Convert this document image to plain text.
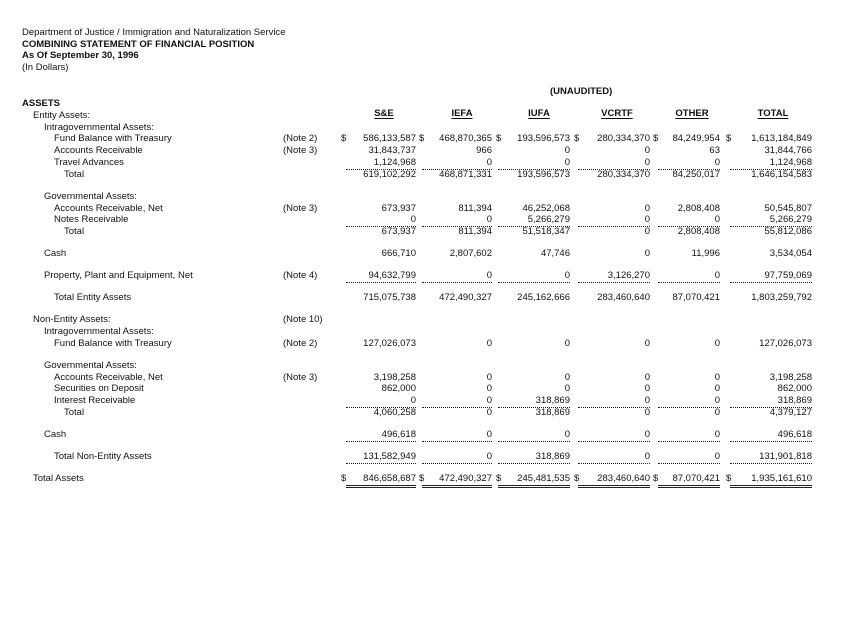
Department of Justice / Immigration and Naturalization Service
COMBINING STATEMENT OF FINANCIAL POSITION
As Of September 30, 1996
(In Dollars)
(UNAUDITED)
S&E	IEFA	IUFA	VCRTF	OTHER	TOTAL
ASSETS
Entity Assets:
Intragovernmental Assets:
Fund Balance with Treasury	(Note 2) $	586,133,587 $	468,870,365 $	193,596,573 $	280,334,370 $	84,249,954 $	1,613,184,849
Accounts Receivable	(Note 3)	31,843,737	966	0	0	63	31,844,766
Travel Advances	1,124,968	0	0	0	0	1,124,968
Total	619,102,292	468,871,331	193,596,573	280,334,370	84,250,017	1,646,154,583
Governmental Assets:
Accounts Receivable, Net	(Note 3)	673,937	811,394	46,252,068	0	2,808,408	50,545,807
Notes Receivable	0	0	5,266,279	0	0	5,266,279
Total	673,937	811,394	51,518,347	0	2,808,408	55,812,086
Cash	666,710	2,807,602	47,746	0	11,996	3,534,054
Property, Plant and Equipment, Net	(Note 4)	94,632,799	0	0	3,126,270	0	97,759,069
Total Entity Assets	715,075,738	472,490,327	245,162,666	283,460,640	87,070,421	1,803,259,792
Non-Entity Assets:	(Note 10)
Intragovernmental Assets:
Fund Balance with Treasury	(Note 2)	127,026,073	0	0	0	0	127,026,073
Governmental Assets:
Accounts Receivable, Net	(Note 3)	3,198,258	0	0	0	0	3,198,258
Securities on Deposit	862,000	0	0	0	0	862,000
Interest Receivable	0	0	318,869	0	0	318,869
Total	4,060,258	0	318,869	0	0	4,379,127
Cash	496,618	0	0	0	0	496,618
Total Non-Entity Assets	131,582,949	0	318,869	0	0	131,901,818
Total Assets	$	846,658,687 $	472,490,327 $	245,481,535 $	283,460,640 $	87,070,421 $	1,935,161,610
